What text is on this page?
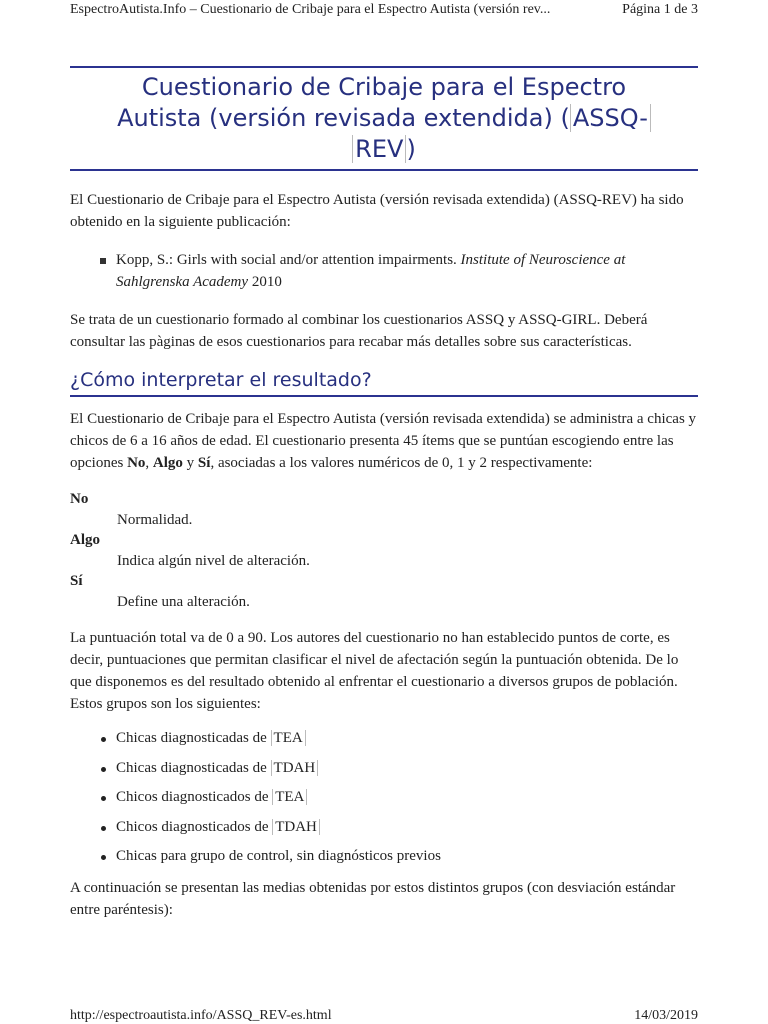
EspectroAutista.Info – Cuestionario de Cribaje para el Espectro Autista (versión rev...	Página 1 de 3
Cuestionario de Cribaje para el Espectro
Autista (versión revisada extendida) ( ASSQ-
REV )

El Cuestionario de Cribaje para el Espectro Autista (versión revisada extendida) (ASSQ-REV) ha sido obtenido en la siguiente publicación:

Kopp, S.: Girls with social and/or attention impairments. Institute of Neuroscience at Sahlgrenska Academy 2010

Se trata de un cuestionario formado al combinar los cuestionarios ASSQ y ASSQ-GIRL. Deberá consultar las pàginas de esos cuestionarios para recabar más detalles sobre sus características.

¿Cómo interpretar el resultado?

El Cuestionario de Cribaje para el Espectro Autista (versión revisada extendida) se administra a chicas y chicos de 6 a 16 años de edad. El cuestionario presenta 45 ítems que se puntúan escogiendo entre las opciones No, Algo y Sí, asociadas a los valores numéricos de 0, 1 y 2 respectivamente:

No
Normalidad.
Algo
Indica algún nivel de alteración.
Sí
Define una alteración.

La puntuación total va de 0 a 90. Los autores del cuestionario no han establecido puntos de corte, es decir, puntuaciones que permitan clasificar el nivel de afectación según la puntuación obtenida. De lo que disponemos es del resultado obtenido al enfrentar el cuestionario a diversos grupos de población. Estos grupos son los siguientes:

Chicas diagnosticadas de TEA
Chicas diagnosticadas de TDAH
Chicos diagnosticados de TEA
Chicos diagnosticados de TDAH
Chicas para grupo de control, sin diagnósticos previos

A continuación se presentan las medias obtenidas por estos distintos grupos (con desviación estándar entre paréntesis):

http://espectroautista.info/ASSQ_REV-es.html	14/03/2019
